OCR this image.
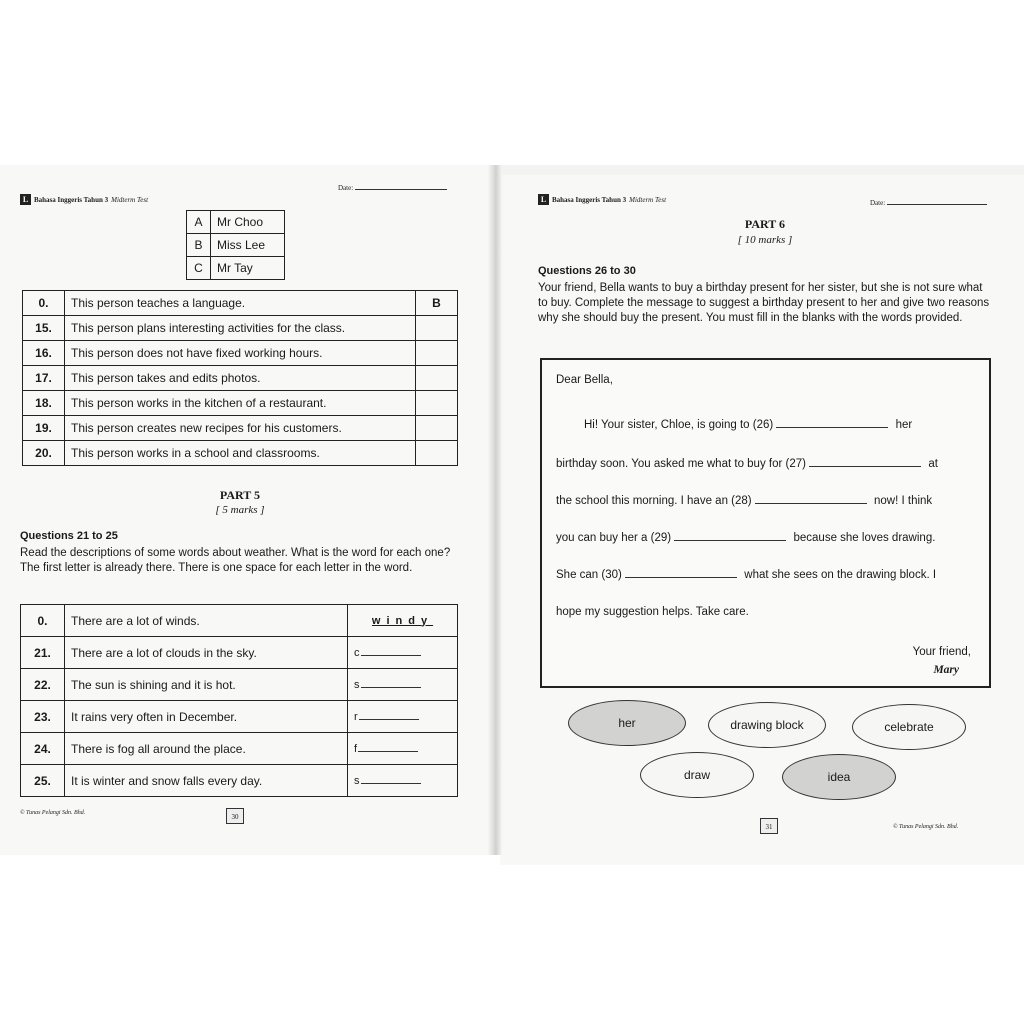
L Bahasa Inggeris Tahun 3 Midterm Test
Date:
A	Mr Choo
B	Miss Lee
C	Mr Tay
0.	This person teaches a language.	B
15.	This person plans interesting activities for the class.	
16.	This person does not have fixed working hours.	
17.	This person takes and edits photos.	
18.	This person works in the kitchen of a restaurant.	
19.	This person creates new recipes for his customers.	
20.	This person works in a school and classrooms.	
PART 5
[ 5 marks ]
Questions 21 to 25
Read the descriptions of some words about weather. What is the word for each one? The first letter is already there. There is one space for each letter in the word.
0.	There are a lot of winds.	windy
21.	There are a lot of clouds in the sky.	c
22.	The sun is shining and it is hot.	s
23.	It rains very often in December.	r
24.	There is fog all around the place.	f
25.	It is winter and snow falls every day.	s
© Tunas Pelangi Sdn. Bhd.	30
L Bahasa Inggeris Tahun 3 Midterm Test	Date:
PART 6
[ 10 marks ]
Questions 26 to 30
Your friend, Bella wants to buy a birthday present for her sister, but she is not sure what to buy. Complete the message to suggest a birthday present to her and give two reasons why she should buy the present. You must fill in the blanks with the words provided.
Dear Bella,
Hi! Your sister, Chloe, is going to (26)	her
birthday soon. You asked me what to buy for (27)	at
the school this morning. I have an (28)	now! I think
you can buy her a (29)	because she loves drawing.
She can (30)	what she sees on the drawing block. I
hope my suggestion helps. Take care.
Your friend,
Mary
her	drawing block	celebrate
draw	idea
31	© Tunas Pelangi Sdn. Bhd.
